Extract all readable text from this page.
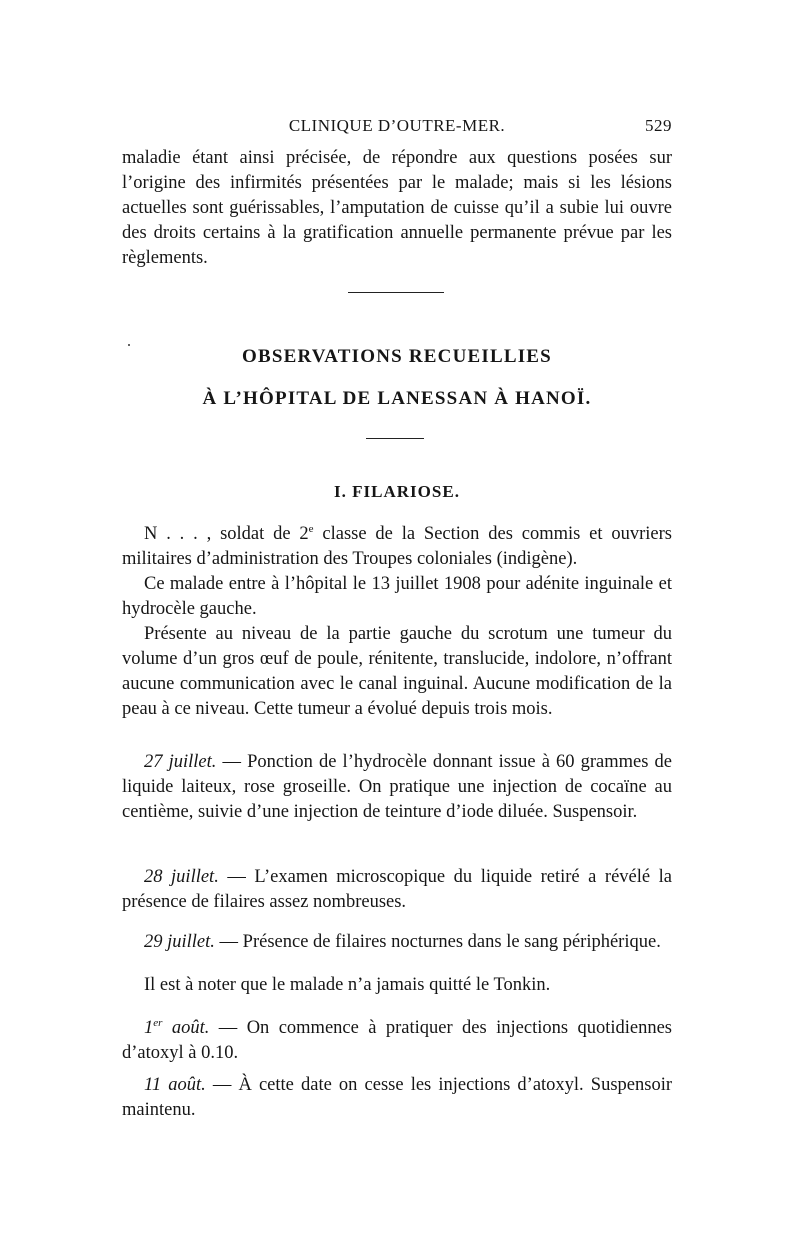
CLINIQUE D’OUTRE-MER.	529
maladie étant ainsi précisée, de répondre aux questions posées sur l’origine des infirmités présentées par le malade; mais si les lésions actuelles sont guérissables, l’amputation de cuisse qu’il a subie lui ouvre des droits certains à la gratification annuelle permanente prévue par les règlements.
OBSERVATIONS RECUEILLIES
À L’HÔPITAL DE LANESSAN À HANOÏ.
I. FILARIOSE.
N . . . , soldat de 2e classe de la Section des commis et ouvriers militaires d’administration des Troupes coloniales (indigène).
Ce malade entre à l’hôpital le 13 juillet 1908 pour adénite inguinale et hydrocèle gauche.
Présente au niveau de la partie gauche du scrotum une tumeur du volume d’un gros œuf de poule, rénitente, translucide, indolore, n’offrant aucune communication avec le canal inguinal. Aucune modification de la peau à ce niveau. Cette tumeur a évolué depuis trois mois.
27 juillet. — Ponction de l’hydrocèle donnant issue à 60 grammes de liquide laiteux, rose groseille. On pratique une injection de cocaïne au centième, suivie d’une injection de teinture d’iode diluée. Suspensoir.
28 juillet. — L’examen microscopique du liquide retiré a révélé la présence de filaires assez nombreuses.
29 juillet. — Présence de filaires nocturnes dans le sang périphérique.
Il est à noter que le malade n’a jamais quitté le Tonkin.
1er août. — On commence à pratiquer des injections quotidiennes d’atoxyl à 0.10.
11 août. — À cette date on cesse les injections d’atoxyl. Suspensoir maintenu.
